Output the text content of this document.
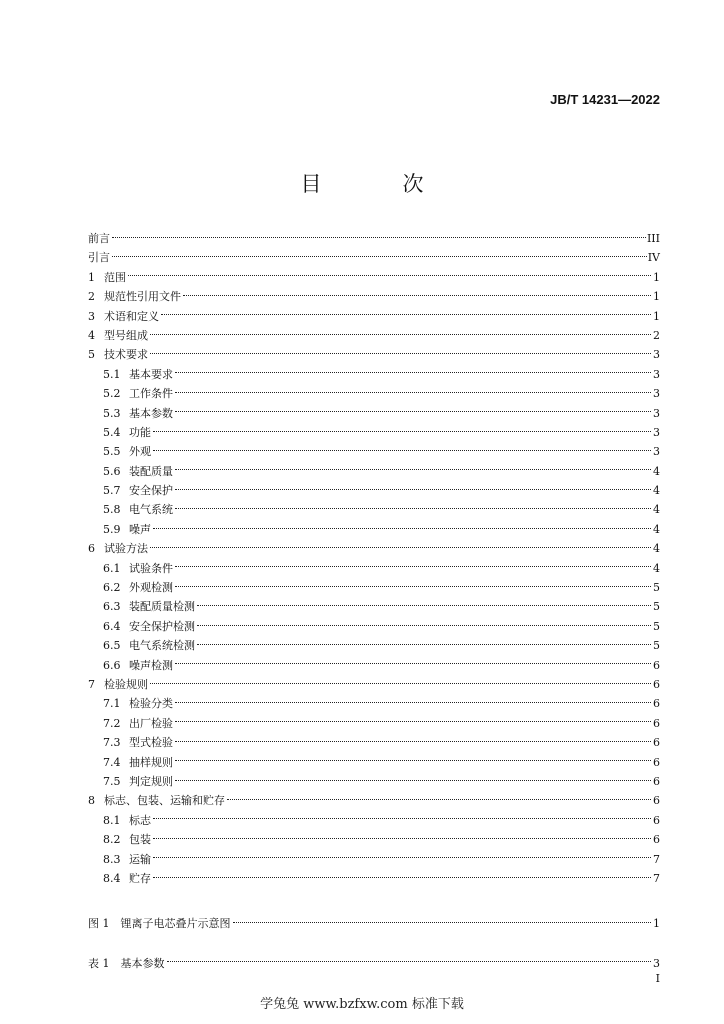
JB/T 14231—2022
目　次
前言	III
引言	IV
1 范围	1
2 规范性引用文件	1
3 术语和定义	1
4 型号组成	2
5 技术要求	3
5.1 基本要求	3
5.2 工作条件	3
5.3 基本参数	3
5.4 功能	3
5.5 外观	3
5.6 装配质量	4
5.7 安全保护	4
5.8 电气系统	4
5.9 噪声	4
6 试验方法	4
6.1 试验条件	4
6.2 外观检测	5
6.3 装配质量检测	5
6.4 安全保护检测	5
6.5 电气系统检测	5
6.6 噪声检测	6
7 检验规则	6
7.1 检验分类	6
7.2 出厂检验	6
7.3 型式检验	6
7.4 抽样规则	6
7.5 判定规则	6
8 标志、包装、运输和贮存	6
8.1 标志	6
8.2 包装	6
8.3 运输	7
8.4 贮存	7
图 1　锂离子电芯叠片示意图	1
表 1　基本参数	3
I
学兔兔 www.bzfxw.com 标准下载
